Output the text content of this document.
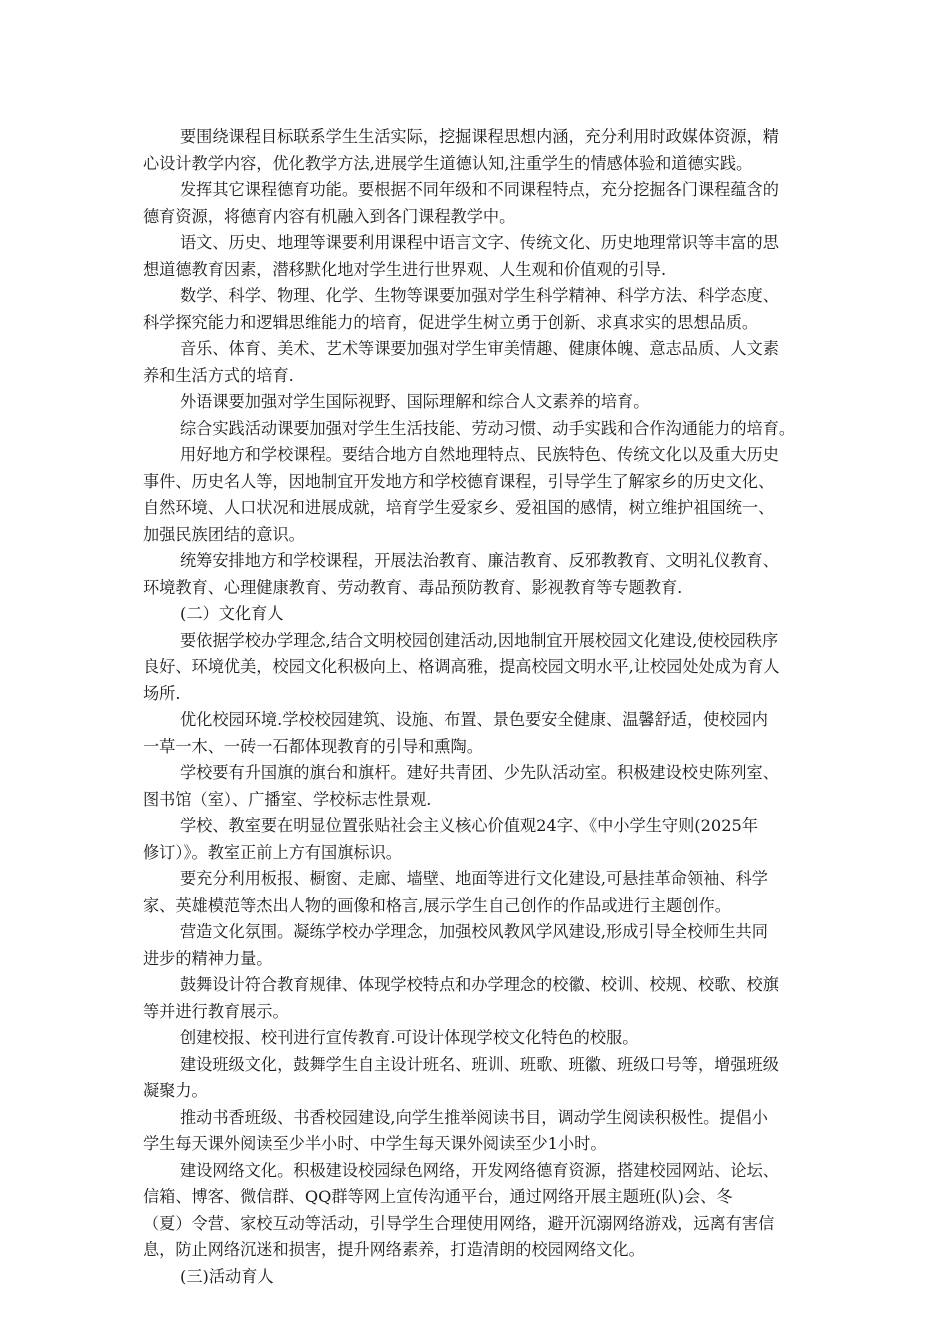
要围绕课程目标联系学生生活实际，挖掘课程思想内涵，充分利用时政媒体资源，精
心设计教学内容，优化教学方法,进展学生道德认知,注重学生的情感体验和道德实践。
发挥其它课程德育功能。要根据不同年级和不同课程特点，充分挖掘各门课程蕴含的
德育资源，将德育内容有机融入到各门课程教学中。
语文、历史、地理等课要利用课程中语言文字、传统文化、历史地理常识等丰富的思
想道德教育因素，潜移默化地对学生进行世界观、人生观和价值观的引导.
数学、科学、物理、化学、生物等课要加强对学生科学精神、科学方法、科学态度、
科学探究能力和逻辑思维能力的培育，促进学生树立勇于创新、求真求实的思想品质。
音乐、体育、美术、艺术等课要加强对学生审美情趣、健康体魄、意志品质、人文素
养和生活方式的培育.
外语课要加强对学生国际视野、国际理解和综合人文素养的培育。
综合实践活动课要加强对学生生活技能、劳动习惯、动手实践和合作沟通能力的培育。
用好地方和学校课程。要结合地方自然地理特点、民族特色、传统文化以及重大历史
事件、历史名人等，因地制宜开发地方和学校德育课程，引导学生了解家乡的历史文化、
自然环境、人口状况和进展成就，培育学生爱家乡、爱祖国的感情，树立维护祖国统一、
加强民族团结的意识。
统筹安排地方和学校课程，开展法治教育、廉洁教育、反邪教教育、文明礼仪教育、
环境教育、心理健康教育、劳动教育、毒品预防教育、影视教育等专题教育.
(二）文化育人
要依据学校办学理念,结合文明校园创建活动,因地制宜开展校园文化建设,使校园秩序
良好、环境优美，校园文化积极向上、格调高雅，提高校园文明水平,让校园处处成为育人
场所.
优化校园环境.学校校园建筑、设施、布置、景色要安全健康、温馨舒适，使校园内
一草一木、一砖一石都体现教育的引导和熏陶。
学校要有升国旗的旗台和旗杆。建好共青团、少先队活动室。积极建设校史陈列室、
图书馆（室）、广播室、学校标志性景观.
学校、教室要在明显位置张贴社会主义核心价值观24字、《中小学生守则(2025年
修订）》。教室正前上方有国旗标识。
要充分利用板报、橱窗、走廊、墙壁、地面等进行文化建设,可悬挂革命领袖、科学
家、英雄模范等杰出人物的画像和格言,展示学生自己创作的作品或进行主题创作。
营造文化氛围。凝练学校办学理念，加强校风教风学风建设,形成引导全校师生共同
进步的精神力量。
鼓舞设计符合教育规律、体现学校特点和办学理念的校徽、校训、校规、校歌、校旗
等并进行教育展示。
创建校报、校刊进行宣传教育.可设计体现学校文化特色的校服。
建设班级文化，鼓舞学生自主设计班名、班训、班歌、班徽、班级口号等，增强班级
凝聚力。
推动书香班级、书香校园建设,向学生推举阅读书目，调动学生阅读积极性。提倡小
学生每天课外阅读至少半小时、中学生每天课外阅读至少1小时。
建设网络文化。积极建设校园绿色网络，开发网络德育资源，搭建校园网站、论坛、
信箱、博客、微信群、QQ群等网上宣传沟通平台，通过网络开展主题班(队)会、冬
（夏）令营、家校互动等活动，引导学生合理使用网络，避开沉溺网络游戏，远离有害信
息，防止网络沉迷和损害，提升网络素养，打造清朗的校园网络文化。
(三)活动育人
